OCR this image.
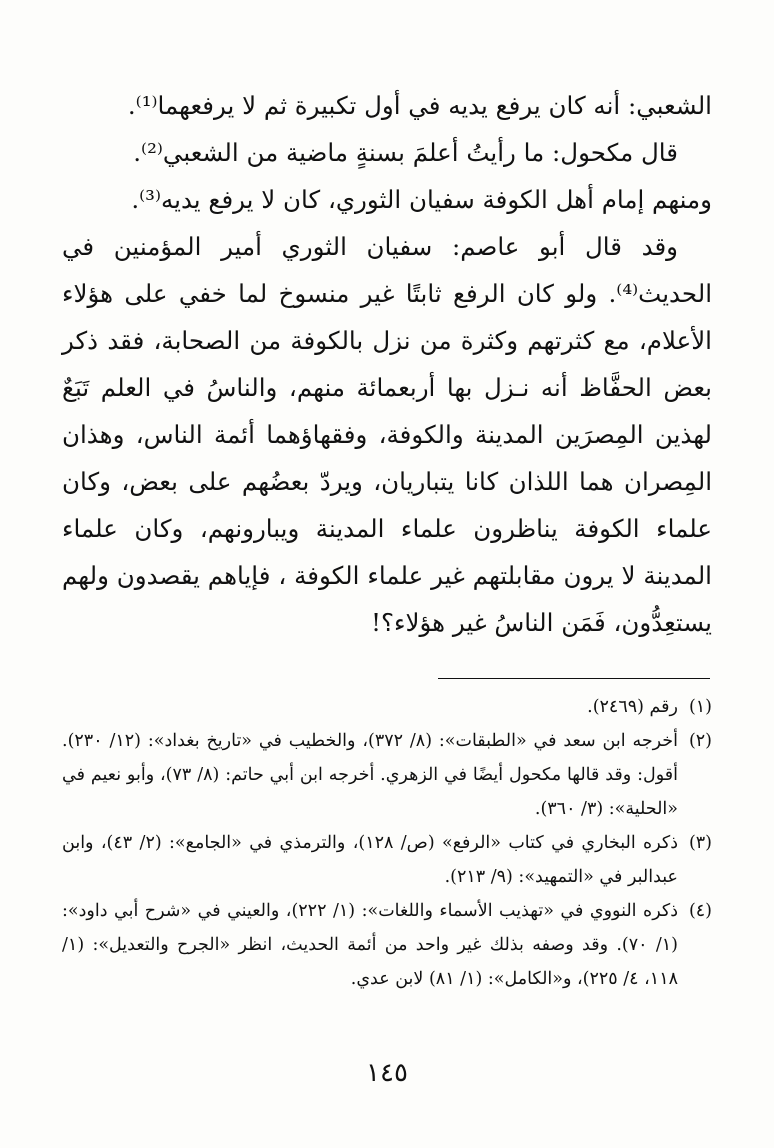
الشعبي: أنه كان يرفع يديه في أول تكبيرة ثم لا يرفعهما⁽¹⁾.

قال مكحول: ما رأيتُ أعلمَ بسنةٍ ماضية من الشعبي⁽²⁾.

ومنهم إمام أهل الكوفة سفيان الثوري، كان لا يرفع يديه⁽³⁾.

وقد قال أبو عاصم: سفيان الثوري أمير المؤمنين في الحديث⁽⁴⁾. ولو كان الرفع ثابتًا غير منسوخ لما خفي على هؤلاء الأعلام، مع كثرتهم وكثرة من نزل بالكوفة من الصحابة، فقد ذكر بعض الحفَّاظ أنه نـزل بها أربعمائة منهم، والناسُ في العلم تَبَعٌ لهذين المِصرَين المدينة والكوفة، وفقهاؤهما أئمة الناس، وهذان المِصران هما اللذان كانا يتباريان، ويردّ بعضُهم على بعض، وكان علماء الكوفة يناظرون علماء المدينة ويبارونهم، وكان علماء المدينة لا يرون مقابلتهم غير علماء الكوفة ، فإياهم يقصدون ولهم يستعِدُّون، فَمَن الناسُ غير هؤلاء؟!

(١)
رقم (٢٤٦٩).
(٢)
أخرجه ابن سعد في «الطبقات»: (٨/ ٣٧٢)، والخطيب في «تاريخ بغداد»: (١٢/ ٢٣٠). أقول: وقد قالها مكحول أيضًا في الزهري. أخرجه ابن أبي حاتم: (٨/ ٧٣)، وأبو نعيم في «الحلية»: (٣/ ٣٦٠).
(٣)
ذكره البخاري في كتاب «الرفع» (ص/ ١٢٨)، والترمذي في «الجامع»: (٢/ ٤٣)، وابن عبدالبر في «التمهيد»: (٩/ ٢١٣).
(٤)
ذكره النووي في «تهذيب الأسماء واللغات»: (١/ ٢٢٢)، والعيني في «شرح أبي داود»: (١/ ٧٠). وقد وصفه بذلك غير واحد من أئمة الحديث، انظر «الجرح والتعديل»: (١/ ١١٨، ٤/ ٢٢٥)، و«الكامل»: (١/ ٨١) لابن عدي.
١٤٥
